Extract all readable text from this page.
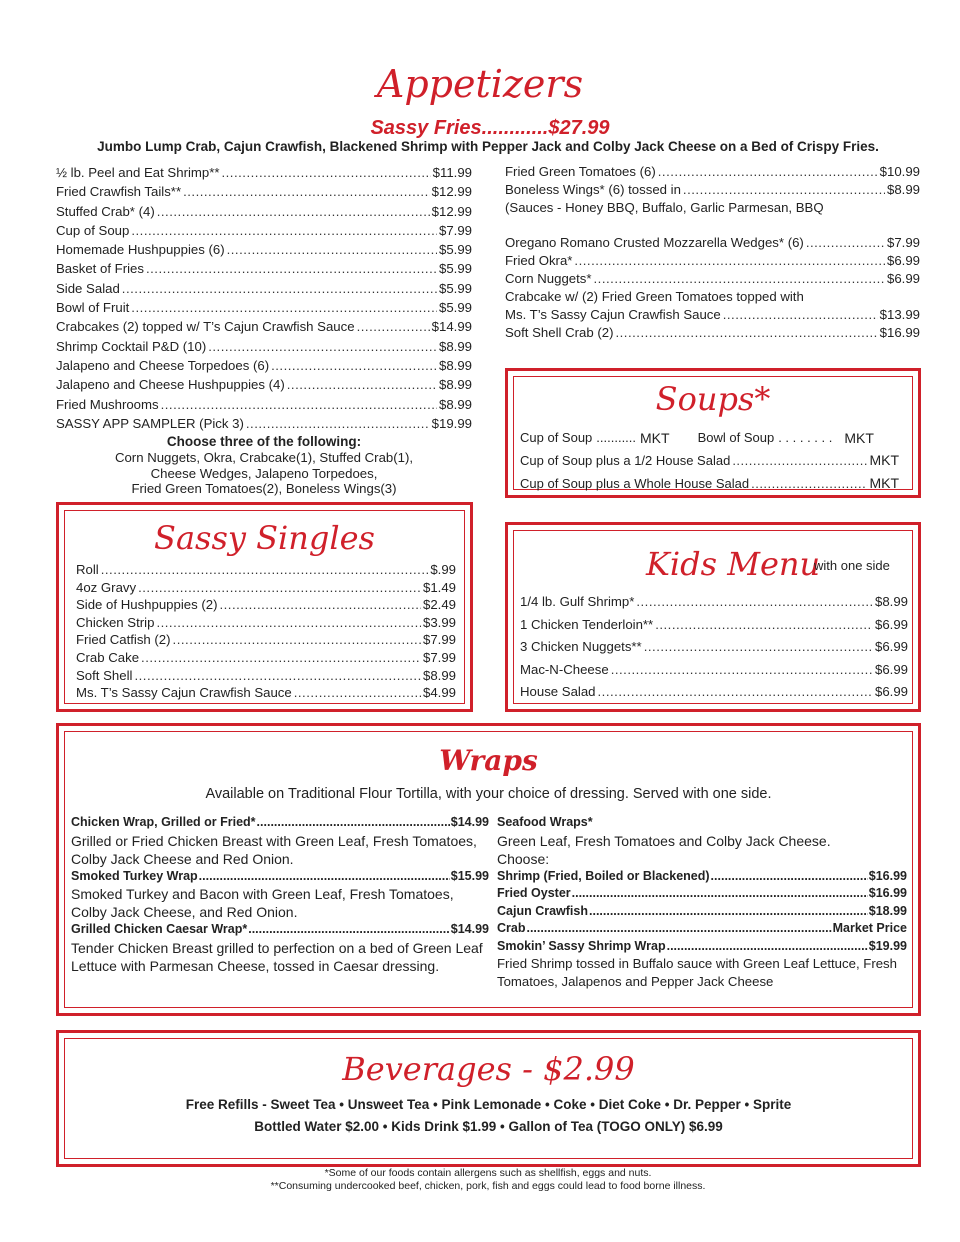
Appetizers
Sassy Fries............$27.99
Jumbo Lump Crab, Cajun Crawfish, Blackened Shrimp with Pepper Jack and Colby Jack Cheese on a Bed of Crispy Fries.
½ lb. Peel and Eat Shrimp** .....	$11.99
Fried Crawfish Tails** .....	$12.99
Stuffed Crab* (4) .....	$12.99
Cup of Soup .....	$7.99
Homemade Hushpuppies (6) .....	$5.99
Basket of Fries .....	$5.99
Side Salad .....	$5.99
Bowl of Fruit .....	$5.99
Crabcakes (2) topped w/ T’s Cajun Crawfish Sauce .....	$14.99
Shrimp Cocktail P&D (10) .....	$8.99
Jalapeno and Cheese Torpedoes (6) .....	$8.99
Jalapeno and Cheese Hushpuppies (4) .....	$8.99
Fried Mushrooms .....	$8.99
SASSY APP SAMPLER (Pick 3) .....	$19.99
Choose three of the following:
Corn Nuggets, Okra, Crabcake(1), Stuffed Crab(1),
Cheese Wedges, Jalapeno Torpedoes,
Fried Green Tomatoes(2), Boneless Wings(3)
Fried Green Tomatoes (6) .....	$10.99
Boneless Wings* (6) tossed in .....	$8.99
(Sauces - Honey BBQ, Buffalo, Garlic Parmesan, BBQ
Oregano Romano Crusted Mozzarella Wedges* (6) .....	$7.99
Fried Okra* .....	$6.99
Corn Nuggets* .....	$6.99
Crabcake w/ (2) Fried Green Tomatoes topped with
Ms. T’s Sassy Cajun Crawfish Sauce .....	$13.99
Soft Shell Crab (2) .....	$16.99
Soups*
Cup of Soup ........... MKT Bowl of Soup . . . . . . . . MKT
Cup of Soup plus a 1/2 House Salad .....	MKT
Cup of Soup plus a Whole House Salad .....	MKT
Sassy Singles
Roll .....	$.99
4oz Gravy .....	$1.49
Side of Hushpuppies (2) .....	$2.49
Chicken Strip .....	$3.99
Fried Catfish (2) .....	$7.99
Crab Cake .....	$7.99
Soft Shell .....	$8.99
Ms. T’s Sassy Cajun Crawfish Sauce .....	$4.99
Kids Menu
with one side
1/4 lb. Gulf Shrimp* .....	$8.99
1 Chicken Tenderloin** .....	$6.99
3 Chicken Nuggets** .....	$6.99
Mac-N-Cheese .....	$6.99
House Salad .....	$6.99
Wraps
Available on Traditional Flour Tortilla, with your choice of dressing. Served with one side.
Chicken Wrap, Grilled or Fried* .....	$14.99
Grilled or Fried Chicken Breast with Green Leaf, Fresh Tomatoes, Colby Jack Cheese and Red Onion.
Smoked Turkey Wrap .....	$15.99
Smoked Turkey and Bacon with Green Leaf, Fresh Tomatoes, Colby Jack Cheese, and Red Onion.
Grilled Chicken Caesar Wrap* .....	$14.99
Tender Chicken Breast grilled to perfection on a bed of Green Leaf Lettuce with Parmesan Cheese, tossed in Caesar dressing.
Seafood Wraps*
Green Leaf, Fresh Tomatoes and Colby Jack Cheese.
Choose:
Shrimp (Fried, Boiled or Blackened) .....	$16.99
Fried Oyster .....	$16.99
Cajun Crawfish .....	$18.99
Crab .....	Market Price
Smokin’ Sassy Shrimp Wrap .....	$19.99
Fried Shrimp tossed in Buffalo sauce with Green Leaf Lettuce, Fresh Tomatoes, Jalapenos and Pepper Jack Cheese
Beverages - $2.99
Free Refills - Sweet Tea • Unsweet Tea • Pink Lemonade • Coke • Diet Coke • Dr. Pepper • Sprite
Bottled Water $2.00 • Kids Drink $1.99 • Gallon of Tea (TOGO ONLY) $6.99
*Some of our foods contain allergens such as shellfish, eggs and nuts.
**Consuming undercooked beef, chicken, pork, fish and eggs could lead to food borne illness.
